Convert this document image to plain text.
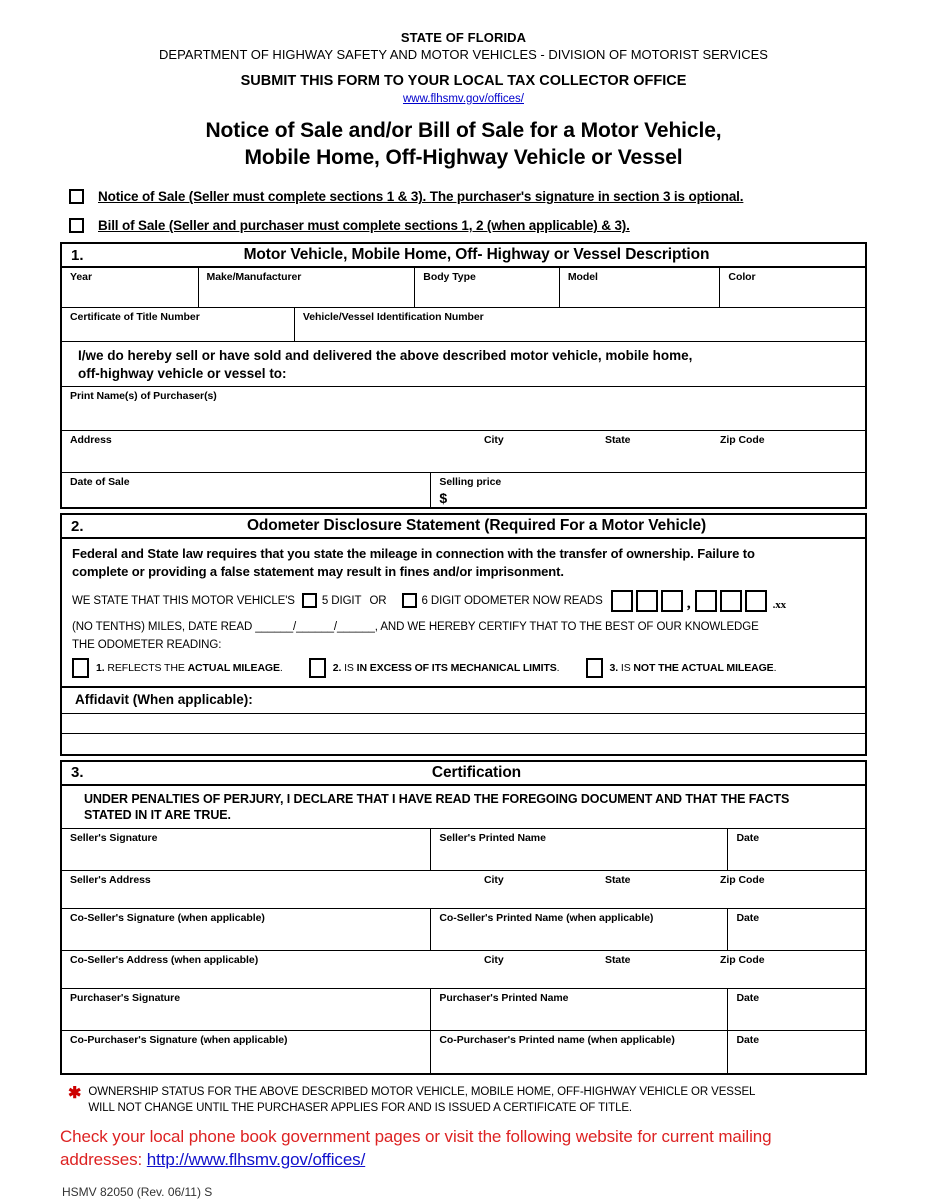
STATE OF FLORIDA
DEPARTMENT OF HIGHWAY SAFETY AND MOTOR VEHICLES - DIVISION OF MOTORIST SERVICES
SUBMIT THIS FORM TO YOUR LOCAL TAX COLLECTOR OFFICE
www.flhsmv.gov/offices/
Notice of Sale and/or Bill of Sale for a Motor Vehicle,
Mobile Home, Off-Highway Vehicle or Vessel
Notice of Sale (Seller must complete sections 1 & 3). The purchaser's signature in section 3 is optional.
Bill of Sale (Seller and purchaser must complete sections 1, 2 (when applicable) & 3).
1.	Motor Vehicle, Mobile Home, Off- Highway or Vessel Description
Year	Make/Manufacturer	Body Type	Model	Color
Certificate of Title Number	Vehicle/Vessel Identification Number
I/we do hereby sell or have sold and delivered the above described motor vehicle, mobile home,
off-highway vehicle or vessel to:
Print Name(s) of Purchaser(s)
Address	City	State	Zip Code
Date of Sale	Selling price
$
2.	Odometer Disclosure Statement (Required For a Motor Vehicle)
Federal and State law requires that you state the mileage in connection with the transfer of ownership. Failure to
complete or providing a false statement may result in fines and/or imprisonment.
WE STATE THAT THIS MOTOR VEHICLE'S 5 DIGIT OR	6 DIGIT ODOMETER NOW READS	,	.xx
(NO TENTHS) MILES, DATE READ ______/______/______, AND WE HEREBY CERTIFY THAT TO THE BEST OF OUR KNOWLEDGE
THE ODOMETER READING:
1. REFLECTS THE ACTUAL MILEAGE.	2. IS IN EXCESS OF ITS MECHANICAL LIMITS.	3. IS NOT THE ACTUAL MILEAGE.
Affidavit (When applicable):
3.	Certification
UNDER PENALTIES OF PERJURY, I DECLARE THAT I HAVE READ THE FOREGOING DOCUMENT AND THAT THE FACTS
STATED IN IT ARE TRUE.
Seller's Signature	Seller's Printed Name	Date
Seller's Address	City	State	Zip Code
Co-Seller's Signature (when applicable)	Co-Seller's Printed Name (when applicable)	Date
Co-Seller's Address (when applicable)	City	State	Zip Code
Purchaser's Signature	Purchaser's Printed Name	Date
Co-Purchaser's Signature (when applicable)	Co-Purchaser's Printed name (when applicable)	Date
✱ OWNERSHIP STATUS FOR THE ABOVE DESCRIBED MOTOR VEHICLE, MOBILE HOME, OFF-HIGHWAY VEHICLE OR VESSEL
WILL NOT CHANGE UNTIL THE PURCHASER APPLIES FOR AND IS ISSUED A CERTIFICATE OF TITLE.
Check your local phone book government pages or visit the following website for current mailing
addresses: http://www.flhsmv.gov/offices/
HSMV 82050 (Rev. 06/11) S
